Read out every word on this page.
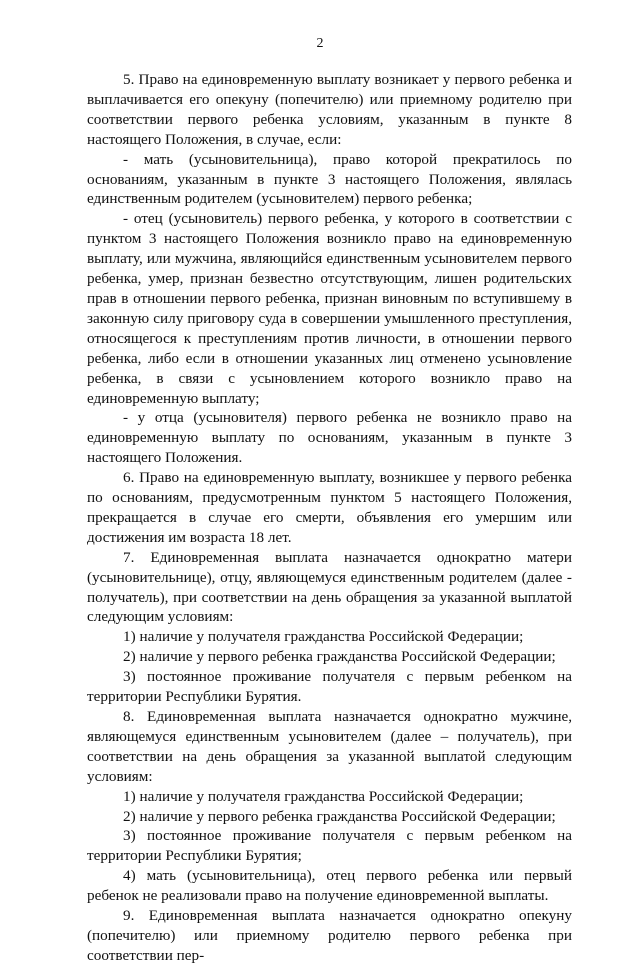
2

5. Право на единовременную выплату возникает у первого ребенка и выплачивается его опекуну (попечителю) или приемному родителю при соответствии первого ребенка условиям, указанным в пункте 8 настоящего Положения, в случае, если:

- мать (усыновительница), право которой прекратилось по основаниям, указанным в пункте 3 настоящего Положения, являлась единственным родителем (усыновителем) первого ребенка;

- отец (усыновитель) первого ребенка, у которого в соответствии с пунктом 3 настоящего Положения возникло право на единовременную выплату, или мужчина, являющийся единственным усыновителем первого ребенка, умер, признан безвестно отсутствующим, лишен родительских прав в отношении первого ребенка, признан виновным по вступившему в законную силу приговору суда в совершении умышленного преступления, относящегося к преступлениям против личности, в отношении первого ребенка, либо если в отношении указанных лиц отменено усыновление ребенка, в связи с усыновлением которого возникло право на единовременную выплату;

- у отца (усыновителя) первого ребенка не возникло право на единовременную выплату по основаниям, указанным в пункте 3 настоящего Положения.

6. Право на единовременную выплату, возникшее у первого ребенка по основаниям, предусмотренным пунктом 5 настоящего Положения, прекращается в случае его смерти, объявления его умершим или достижения им возраста 18 лет.

7. Единовременная выплата назначается однократно матери (усыновительнице), отцу, являющемуся единственным родителем (далее - получатель), при соответствии на день обращения за указанной выплатой следующим условиям:

1) наличие у получателя гражданства Российской Федерации;

2) наличие у первого ребенка гражданства Российской Федерации;

3) постоянное проживание получателя с первым ребенком на территории Республики Бурятия.

8. Единовременная выплата назначается однократно мужчине, являющемуся единственным усыновителем (далее – получатель), при соответствии на день обращения за указанной выплатой следующим условиям:

1) наличие у получателя гражданства Российской Федерации;

2) наличие у первого ребенка гражданства Российской Федерации;

3) постоянное проживание получателя с первым ребенком на территории Республики Бурятия;

4) мать (усыновительница), отец первого ребенка или первый ребенок не реализовали право на получение единовременной выплаты.

9. Единовременная выплата назначается однократно опекуну (попечителю) или приемному родителю первого ребенка при соответствии пер-
